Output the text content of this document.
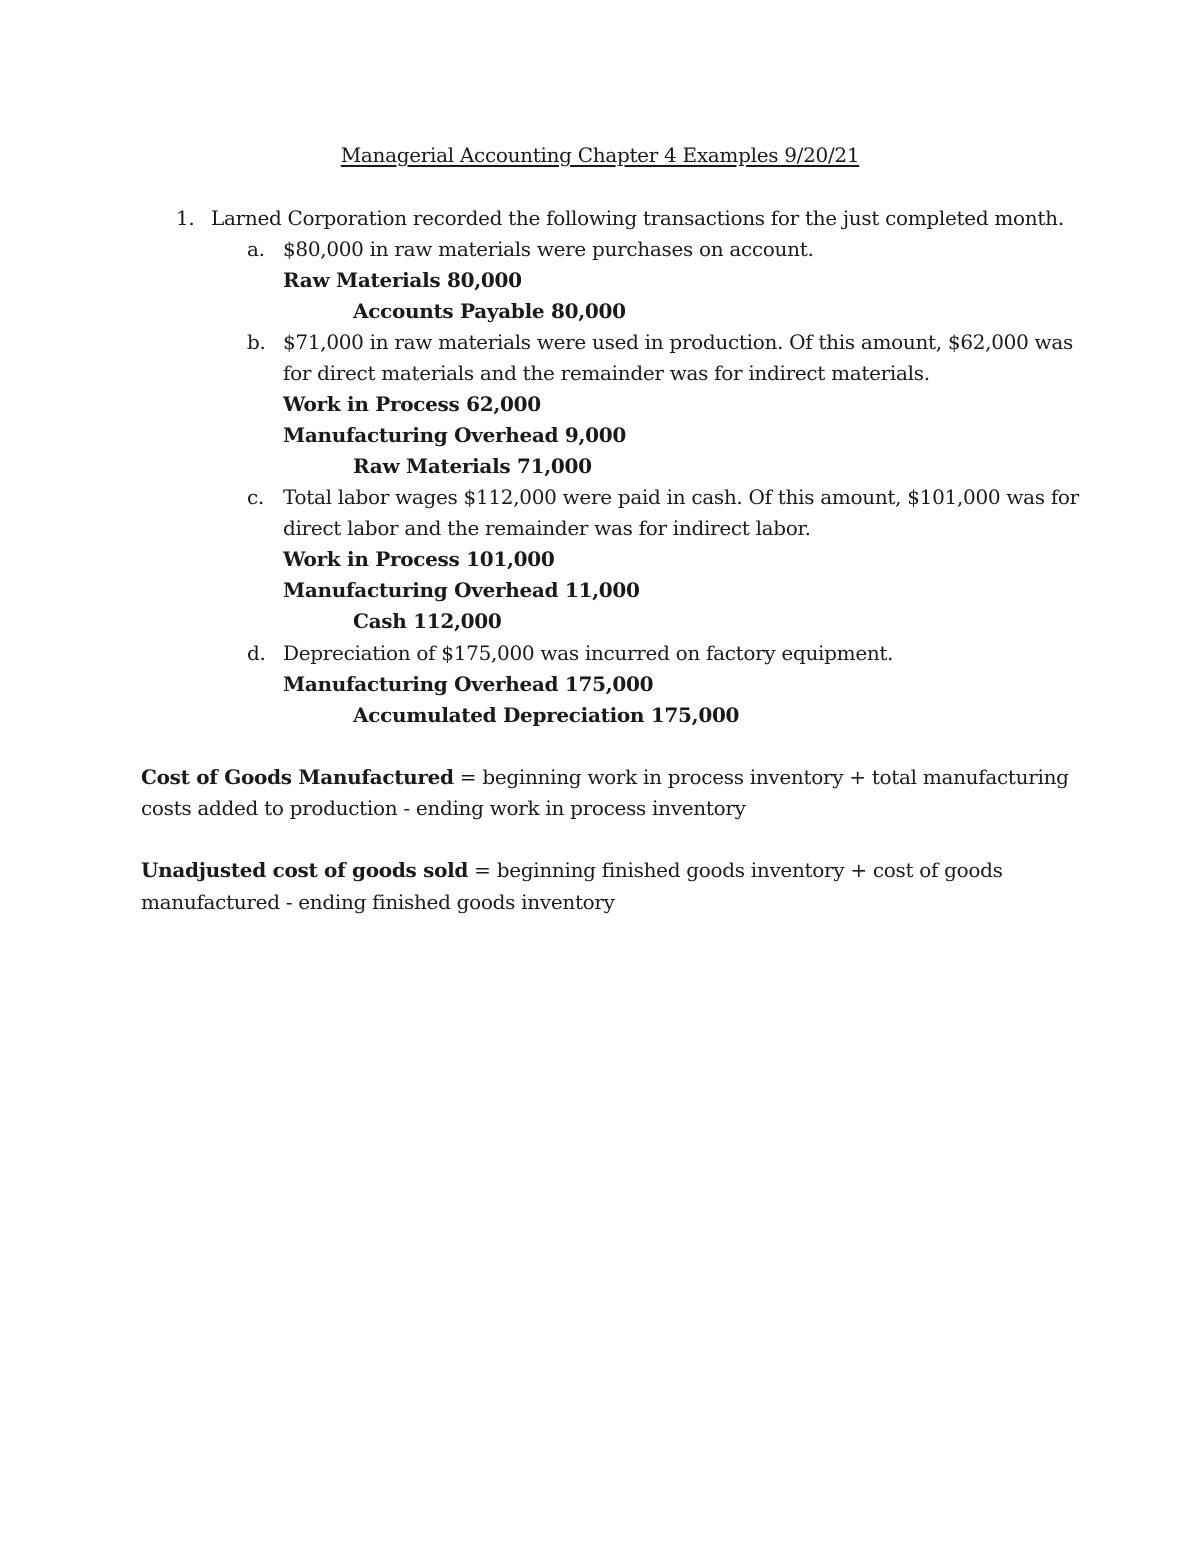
Managerial Accounting Chapter 4 Examples 9/20/21
1. Larned Corporation recorded the following transactions for the just completed month.
a. $80,000 in raw materials were purchases on account.
Raw Materials 80,000
Accounts Payable 80,000
b. $71,000 in raw materials were used in production. Of this amount, $62,000 was
for direct materials and the remainder was for indirect materials.
Work in Process 62,000
Manufacturing Overhead 9,000
Raw Materials 71,000
c. Total labor wages $112,000 were paid in cash. Of this amount, $101,000 was for
direct labor and the remainder was for indirect labor.
Work in Process 101,000
Manufacturing Overhead 11,000
Cash 112,000
d. Depreciation of $175,000 was incurred on factory equipment.
Manufacturing Overhead 175,000
Accumulated Depreciation 175,000
Cost of Goods Manufactured = beginning work in process inventory + total manufacturing
costs added to production - ending work in process inventory
Unadjusted cost of goods sold = beginning finished goods inventory + cost of goods
manufactured - ending finished goods inventory
